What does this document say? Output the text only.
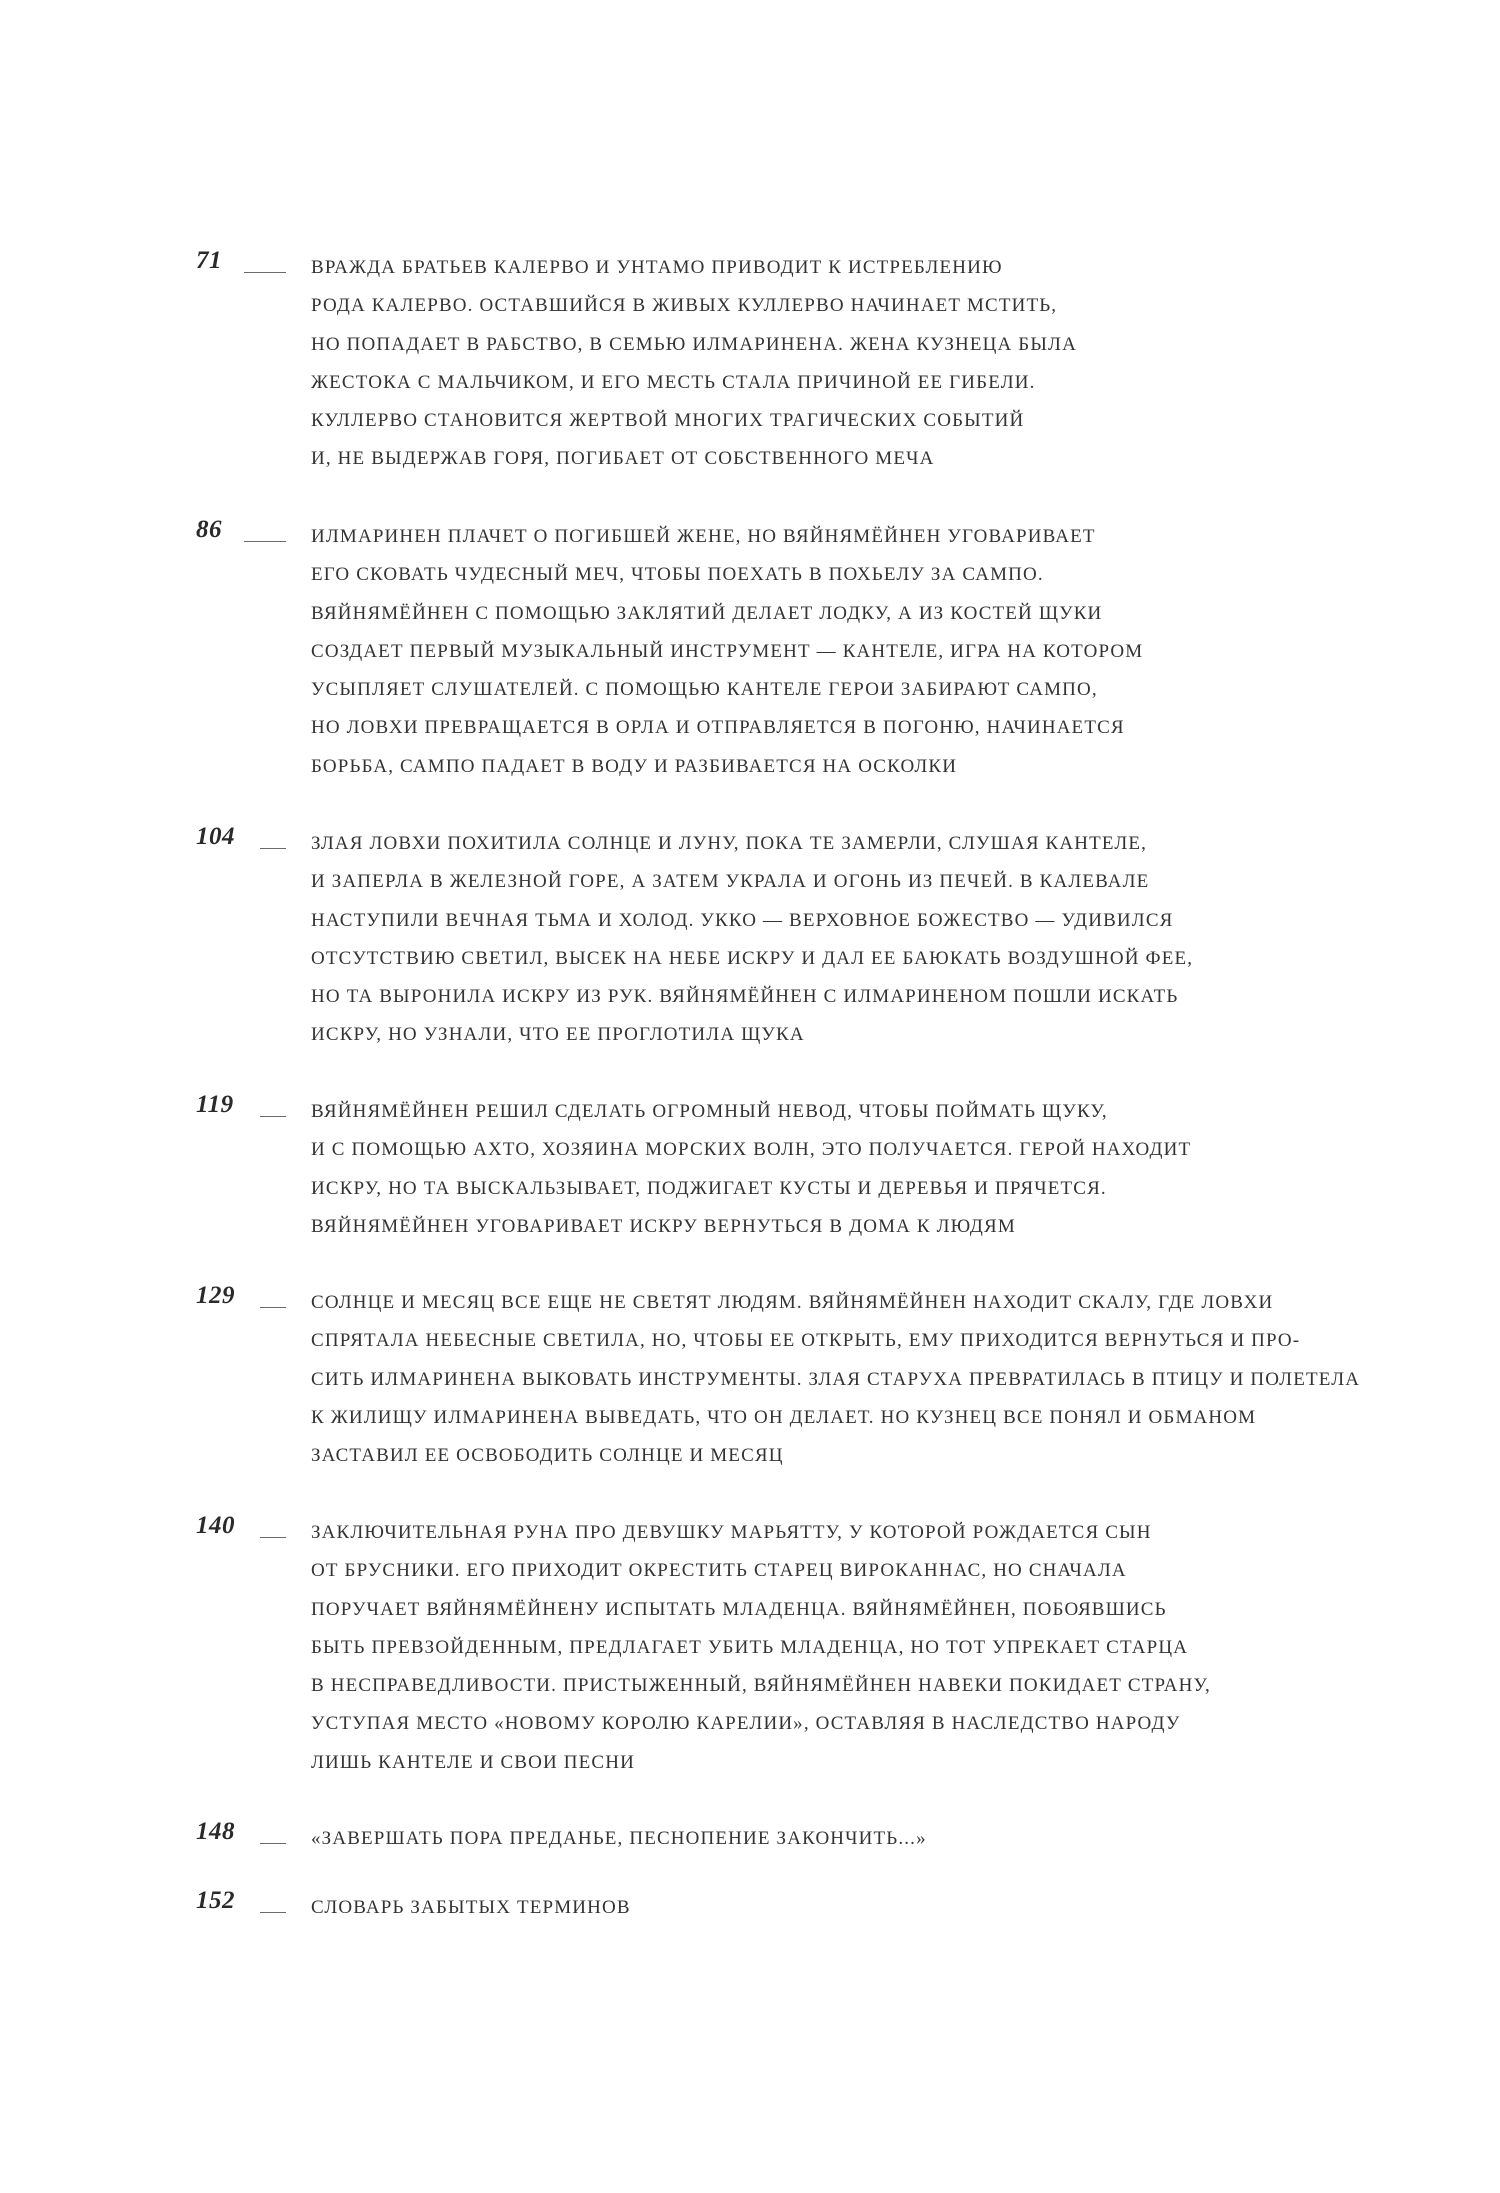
71	ВРАЖДА БРАТЬЕВ КАЛЕРВО И УНТАМО ПРИВОДИТ К ИСТРЕБЛЕНИЮ
РОДА КАЛЕРВО. ОСТАВШИЙСЯ В ЖИВЫХ КУЛЛЕРВО НАЧИНАЕТ МСТИТЬ,
НО ПОПАДАЕТ В РАБСТВО, В СЕМЬЮ ИЛМАРИНЕНА. ЖЕНА КУЗНЕЦА БЫЛА
ЖЕСТОКА С МАЛЬЧИКОМ, И ЕГО МЕСТЬ СТАЛА ПРИЧИНОЙ ЕЕ ГИБЕЛИ.
КУЛЛЕРВО СТАНОВИТСЯ ЖЕРТВОЙ МНОГИХ ТРАГИЧЕСКИХ СОБЫТИЙ
И, НЕ ВЫДЕРЖАВ ГОРЯ, ПОГИБАЕТ ОТ СОБСТВЕННОГО МЕЧА
86	ИЛМАРИНЕН ПЛАЧЕТ О ПОГИБШЕЙ ЖЕНЕ, НО ВЯЙНЯМЁЙНЕН УГОВАРИВАЕТ
ЕГО СКОВАТЬ ЧУДЕСНЫЙ МЕЧ, ЧТОБЫ ПОЕХАТЬ В ПОХЬЕЛУ ЗА САМПО.
ВЯЙНЯМЁЙНЕН С ПОМОЩЬЮ ЗАКЛЯТИЙ ДЕЛАЕТ ЛОДКУ, А ИЗ КОСТЕЙ ЩУКИ
СОЗДАЕТ ПЕРВЫЙ МУЗЫКАЛЬНЫЙ ИНСТРУМЕНТ — КАНТЕЛЕ, ИГРА НА КОТОРОМ
УСЫПЛЯЕТ СЛУШАТЕЛЕЙ. С ПОМОЩЬЮ КАНТЕЛЕ ГЕРОИ ЗАБИРАЮТ САМПО,
НО ЛОВХИ ПРЕВРАЩАЕТСЯ В ОРЛА И ОТПРАВЛЯЕТСЯ В ПОГОНЮ, НАЧИНАЕТСЯ
БОРЬБА, САМПО ПАДАЕТ В ВОДУ И РАЗБИВАЕТСЯ НА ОСКОЛКИ
104	ЗЛАЯ ЛОВХИ ПОХИТИЛА СОЛНЦЕ И ЛУНУ, ПОКА ТЕ ЗАМЕРЛИ, СЛУШАЯ КАНТЕЛЕ,
И ЗАПЕРЛА В ЖЕЛЕЗНОЙ ГОРЕ, А ЗАТЕМ УКРАЛА И ОГОНЬ ИЗ ПЕЧЕЙ. В КАЛЕВАЛЕ
НАСТУПИЛИ ВЕЧНАЯ ТЬМА И ХОЛОД. УККО — ВЕРХОВНОЕ БОЖЕСТВО — УДИВИЛСЯ
ОТСУТСТВИЮ СВЕТИЛ, ВЫСЕК НА НЕБЕ ИСКРУ И ДАЛ ЕЕ БАЮКАТЬ ВОЗДУШНОЙ ФЕЕ,
НО ТА ВЫРОНИЛА ИСКРУ ИЗ РУК. ВЯЙНЯМЁЙНЕН С ИЛМАРИНЕНОМ ПОШЛИ ИСКАТЬ
ИСКРУ, НО УЗНАЛИ, ЧТО ЕЕ ПРОГЛОТИЛА ЩУКА
119	ВЯЙНЯМЁЙНЕН РЕШИЛ СДЕЛАТЬ ОГРОМНЫЙ НЕВОД, ЧТОБЫ ПОЙМАТЬ ЩУКУ,
И С ПОМОЩЬЮ АХТО, ХОЗЯИНА МОРСКИХ ВОЛН, ЭТО ПОЛУЧАЕТСЯ. ГЕРОЙ НАХОДИТ
ИСКРУ, НО ТА ВЫСКАЛЬЗЫВАЕТ, ПОДЖИГАЕТ КУСТЫ И ДЕРЕВЬЯ И ПРЯЧЕТСЯ.
ВЯЙНЯМЁЙНЕН УГОВАРИВАЕТ ИСКРУ ВЕРНУТЬСЯ В ДОМА К ЛЮДЯМ
129	СОЛНЦЕ И МЕСЯЦ ВСЕ ЕЩЕ НЕ СВЕТЯТ ЛЮДЯМ. ВЯЙНЯМЁЙНЕН НАХОДИТ СКАЛУ, ГДЕ ЛОВХИ
СПРЯТАЛА НЕБЕСНЫЕ СВЕТИЛА, НО, ЧТОБЫ ЕЕ ОТКРЫТЬ, ЕМУ ПРИХОДИТСЯ ВЕРНУТЬСЯ И ПРО-
СИТЬ ИЛМАРИНЕНА ВЫКОВАТЬ ИНСТРУМЕНТЫ. ЗЛАЯ СТАРУХА ПРЕВРАТИЛАСЬ В ПТИЦУ И ПОЛЕТЕЛА
К ЖИЛИЩУ ИЛМАРИНЕНА ВЫВЕДАТЬ, ЧТО ОН ДЕЛАЕТ. НО КУЗНЕЦ ВСЕ ПОНЯЛ И ОБМАНОМ
ЗАСТАВИЛ ЕЕ ОСВОБОДИТЬ СОЛНЦЕ И МЕСЯЦ
140	ЗАКЛЮЧИТЕЛЬНАЯ РУНА ПРО ДЕВУШКУ МАРЬЯТТУ, У КОТОРОЙ РОЖДАЕТСЯ СЫН
ОТ БРУСНИКИ. ЕГО ПРИХОДИТ ОКРЕСТИТЬ СТАРЕЦ ВИРОКАННАС, НО СНАЧАЛА
ПОРУЧАЕТ ВЯЙНЯМЁЙНЕНУ ИСПЫТАТЬ МЛАДЕНЦА. ВЯЙНЯМЁЙНЕН, ПОБОЯВШИСЬ
БЫТЬ ПРЕВЗОЙДЕННЫМ, ПРЕДЛАГАЕТ УБИТЬ МЛАДЕНЦА, НО ТОТ УПРЕКАЕТ СТАРЦА
В НЕСПРАВЕДЛИВОСТИ. ПРИСТЫЖЕННЫЙ, ВЯЙНЯМЁЙНЕН НАВЕКИ ПОКИДАЕТ СТРАНУ,
УСТУПАЯ МЕСТО «НОВОМУ КОРОЛЮ КАРЕЛИИ», ОСТАВЛЯЯ В НАСЛЕДСТВО НАРОДУ
ЛИШЬ КАНТЕЛЕ И СВОИ ПЕСНИ
148	«ЗАВЕРШАТЬ ПОРА ПРЕДАНЬЕ, ПЕСНОПЕНИЕ ЗАКОНЧИТЬ...»
152	СЛОВАРЬ ЗАБЫТЫХ ТЕРМИНОВ
